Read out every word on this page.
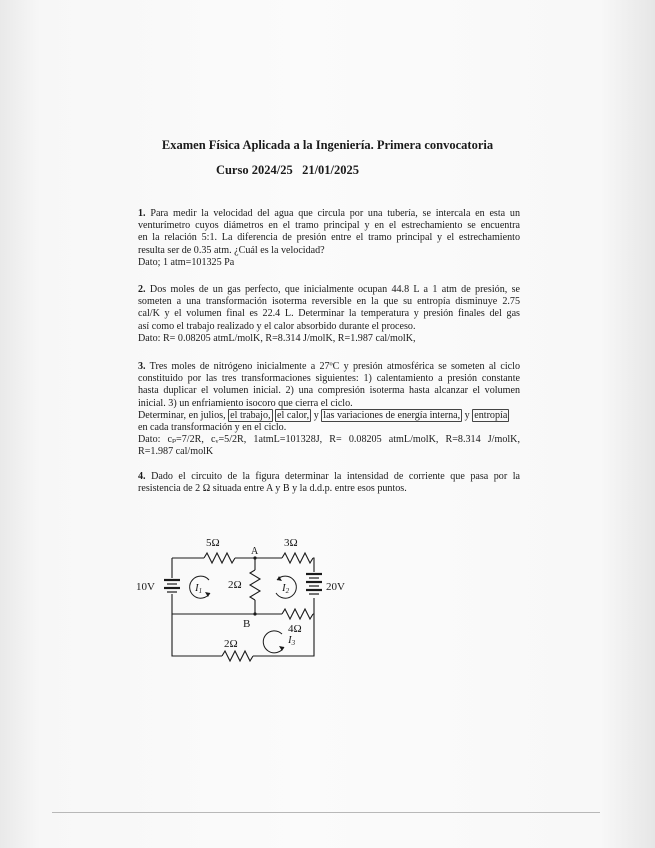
Examen Física Aplicada a la Ingeniería. Primera convocatoria

Curso 2024/25 21/01/2025

1. Para medir la velocidad del agua que circula por una tubería, se intercala en esta un
venturímetro cuyos diámetros en el tramo principal y en el estrechamiento se encuentra
en la relación 5:1. La diferencia de presión entre el tramo principal y el estrechamiento
resulta ser de 0.35 atm. ¿Cuál es la velocidad?
Dato; 1 atm=101325 Pa
2. Dos moles de un gas perfecto, que inicialmente ocupan 44.8 L a 1 atm de presión, se
someten a una transformación isoterma reversible en la que su entropía disminuye 2.75
cal/K y el volumen final es 22.4 L. Determinar la temperatura y presión finales del gas
así como el trabajo realizado y el calor absorbido durante el proceso.
Dato: R= 0.08205 atmL/molK, R=8.314 J/molK, R=1.987 cal/molK,
3. Tres moles de nitrógeno inicialmente a 27ºC y presión atmosférica se someten al ciclo
constituido por las tres transformaciones siguientes: 1) calentamiento a presión constante
hasta duplicar el volumen inicial. 2) una compresión isoterma hasta alcanzar el volumen
inicial. 3) un enfriamiento isocoro que cierra el ciclo.
Determinar, en julios, el trabajo, el calor, y las variaciones de energía interna, y entropía
en cada transformación y en el ciclo.
Dato: cₚ=7/2R, cᵥ=5/2R, 1atmL=101328J, R= 0.08205 atmL/molK, R=8.314 J/molK,
R=1.987 cal/molK
4. Dado el circuito de la figura determinar la intensidad de corriente que pasa por la
resistencia de 2 Ω situada entre A y B y la d.d.p. entre esos puntos.
5Ω	3Ω
A
10V	20V
2Ω
I1	I2
B	4Ω
I3
2Ω
